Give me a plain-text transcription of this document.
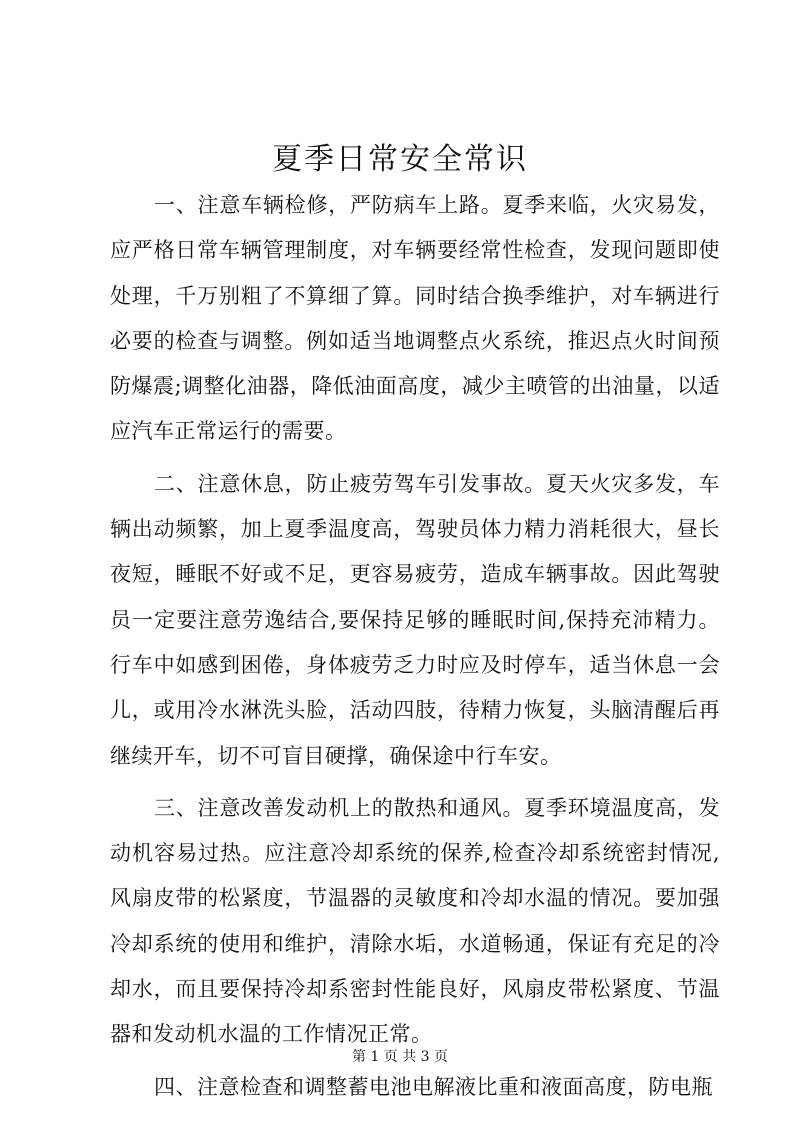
夏季日常安全常识

一、注意车辆检修，严防病车上路。夏季来临，火灾易发，应严格日常车辆管理制度，对车辆要经常性检查，发现问题即使处理，千万别粗了不算细了算。同时结合换季维护，对车辆进行必要的检查与调整。例如适当地调整点火系统，推迟点火时间预防爆震;调整化油器，降低油面高度，减少主喷管的出油量，以适应汽车正常运行的需要。

二、注意休息，防止疲劳驾车引发事故。夏天火灾多发，车辆出动频繁，加上夏季温度高，驾驶员体力精力消耗很大，昼长夜短，睡眠不好或不足，更容易疲劳，造成车辆事故。因此驾驶员一定要注意劳逸结合,要保持足够的睡眠时间,保持充沛精力。行车中如感到困倦，身体疲劳乏力时应及时停车，适当休息一会儿，或用冷水淋洗头脸，活动四肢，待精力恢复，头脑清醒后再继续开车，切不可盲目硬撑，确保途中行车安。

三、注意改善发动机上的散热和通风。夏季环境温度高，发动机容易过热。应注意冷却系统的保养,检查冷却系统密封情况,风扇皮带的松紧度，节温器的灵敏度和冷却水温的情况。要加强冷却系统的使用和维护，清除水垢，水道畅通，保证有充足的冷却水，而且要保持冷却系密封性能良好，风扇皮带松紧度、节温器和发动机水温的工作情况正常。

四、注意检查和调整蓄电池电解液比重和液面高度，防电瓶

第 1 页 共 3 页
